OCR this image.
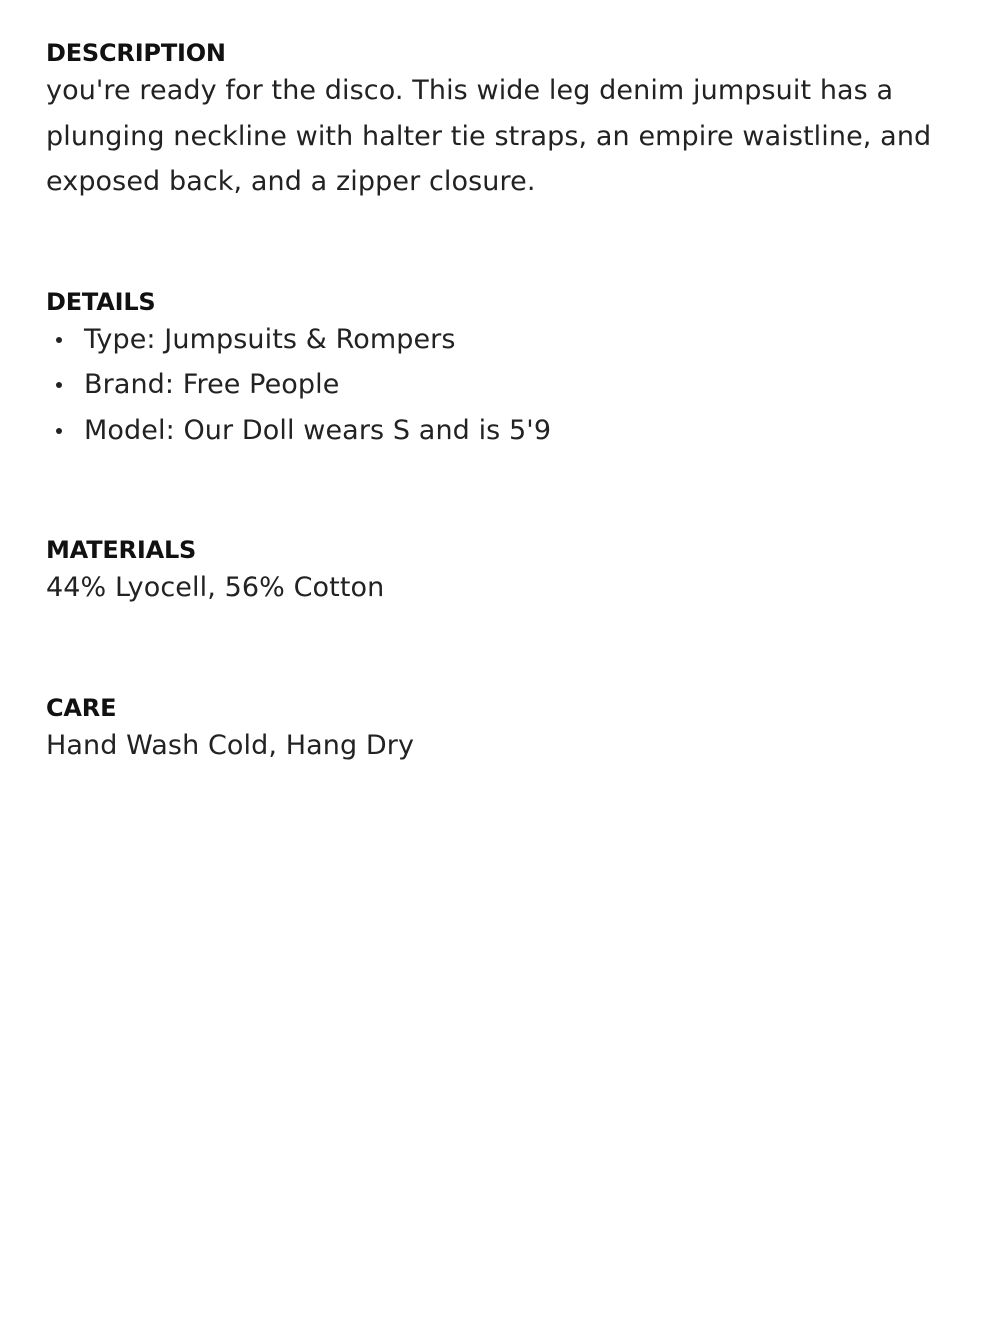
DESCRIPTION

you're ready for the disco. This wide leg denim jumpsuit has a plunging neckline with halter tie straps, an empire waistline, and exposed back, and a zipper closure.

DETAILS
Type: Jumpsuits & Rompers
Brand: Free People
Model: Our Doll wears S and is 5'9
MATERIALS

44% Lyocell, 56% Cotton

CARE

Hand Wash Cold, Hang Dry
